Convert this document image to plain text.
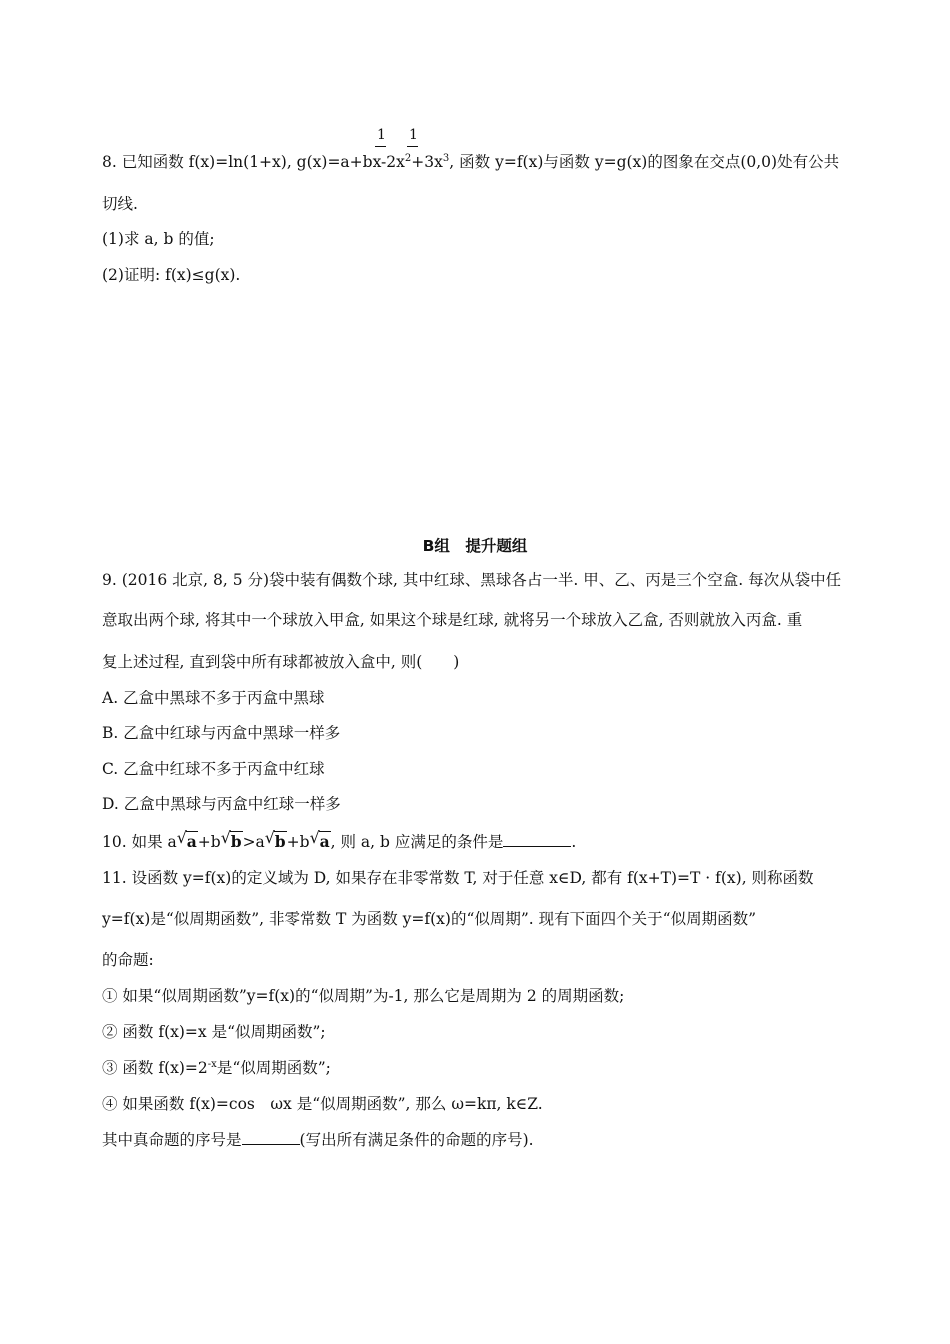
1 1
8. 已知函数 f(x)=ln(1+x), $g(x)=a+bx-2x^2+3x^3$, 函数 y=f(x)与函数 y=g(x)的图象在交点(0,0)处有公共
切线.
(1)求 a, b 的值;
(2)证明: f(x)≤g(x).
B组　提升题组
9. (2016 北京, 8, 5 分)袋中装有偶数个球, 其中红球、黑球各占一半. 甲、乙、丙是三个空盒. 每次从袋中任
意取出两个球, 将其中一个球放入甲盒, 如果这个球是红球, 就将另一个球放入乙盒, 否则就放入丙盒. 重
复上述过程, 直到袋中所有球都被放入盒中, 则(　　)
A. 乙盒中黑球不多于丙盒中黑球
B. 乙盒中红球与丙盒中黑球一样多
C. 乙盒中红球不多于丙盒中红球
D. 乙盒中黑球与丙盒中红球一样多
10. 如果 a √ a+b √ b>a √ b+b √ a, 则 a, b 应满足的条件是	.
11. 设函数 y=f(x)的定义域为 D, 如果存在非零常数 T, 对于任意 x∈D, 都有 f(x+T)=T · f(x), 则称函数
y=f(x)是“似周期函数”, 非零常数 T 为函数 y=f(x)的“似周期”. 现有下面四个关于“似周期函数”
的命题:
① 如果“似周期函数”y=f(x)的“似周期”为-1, 那么它是周期为 2 的周期函数;
② 函数 f(x)=x 是“似周期函数”;
③ 函数 $f(x)=2^{-x}$是“似周期函数”;
④ 如果函数 f(x)=cos　ωx 是“似周期函数”, 那么 ω=kπ, k∈Z.
其中真命题的序号是	(写出所有满足条件的命题的序号).
